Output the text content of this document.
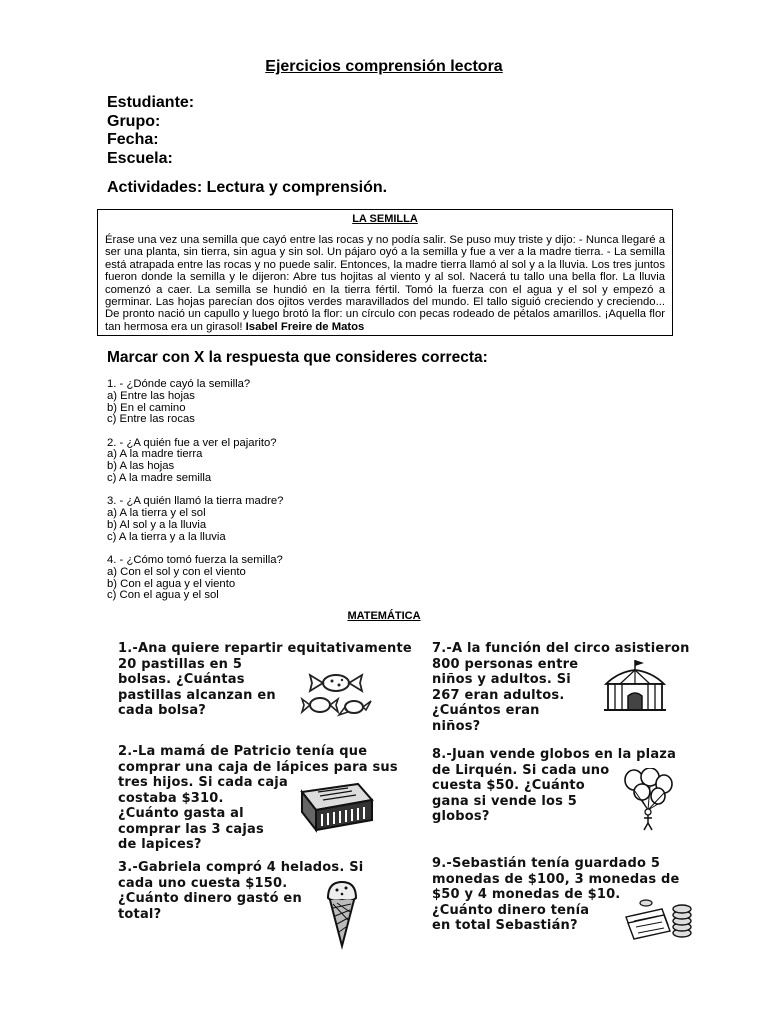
Ejercicios comprensión lectora
Estudiante:
Grupo:
Fecha:
Escuela:
Actividades: Lectura y comprensión.
LA SEMILLA
Érase una vez una semilla que cayó entre las rocas y no podía salir. Se puso muy triste y dijo: - Nunca llegaré a ser una planta, sin tierra, sin agua y sin sol. Un pájaro oyó a la semilla y fue a ver a la madre tierra. - La semilla está atrapada entre las rocas y no puede salir. Entonces, la madre tierra llamó al sol y a la lluvia. Los tres juntos fueron donde la semilla y le dijeron: Abre tus hojitas al viento y al sol. Nacerá tu tallo una bella flor. La lluvia comenzó a caer. La semilla se hundió en la tierra fértil. Tomó la fuerza con el agua y el sol y empezó a germinar. Las hojas parecían dos ojitos verdes maravillados del mundo. El tallo siguió creciendo y creciendo... De pronto nació un capullo y luego brotó la flor: un círculo con pecas rodeado de pétalos amarillos. ¡Aquella flor tan hermosa era un girasol! Isabel Freire de Matos
Marcar con X la respuesta que consideres correcta:
1. - ¿Dónde cayó la semilla?
a) Entre las hojas
b) En el camino
c) Entre las rocas
2. - ¿A quién fue a ver el pajarito?
a) A la madre tierra
b) A las hojas
c) A la madre semilla
3. - ¿A quién llamó la tierra madre?
a) A la tierra y el sol
b) Al sol y a la lluvia
c) A la tierra y a la lluvia
4. - ¿Cómo tomó fuerza la semilla?
a) Con el sol y con el viento
b) Con el agua y el viento
c) Con el agua y el sol
MATEMÁTICA
1.-Ana quiere repartir equitativamente
20 pastillas en 5
bolsas. ¿Cuántas
pastillas alcanzan en
cada bolsa?
2.-La mamá de Patricio tenía que
comprar una caja de lápices para sus
tres hijos. Si cada caja
costaba $310.
¿Cuánto gasta al
comprar las 3 cajas
de lapices?
3.-Gabriela compró 4 helados. Si
cada uno cuesta $150.
¿Cuánto dinero gastó en
total?
7.-A la función del circo asistieron
800 personas entre
niños y adultos. Si
267 eran adultos.
¿Cuántos eran
niños?
8.-Juan vende globos en la plaza
de Lirquén. Si cada uno
cuesta $50. ¿Cuánto
gana si vende los 5
globos?
9.-Sebastián tenía guardado 5
monedas de $100, 3 monedas de
$50 y 4 monedas de $10.
¿Cuánto dinero tenía
en total Sebastián?
